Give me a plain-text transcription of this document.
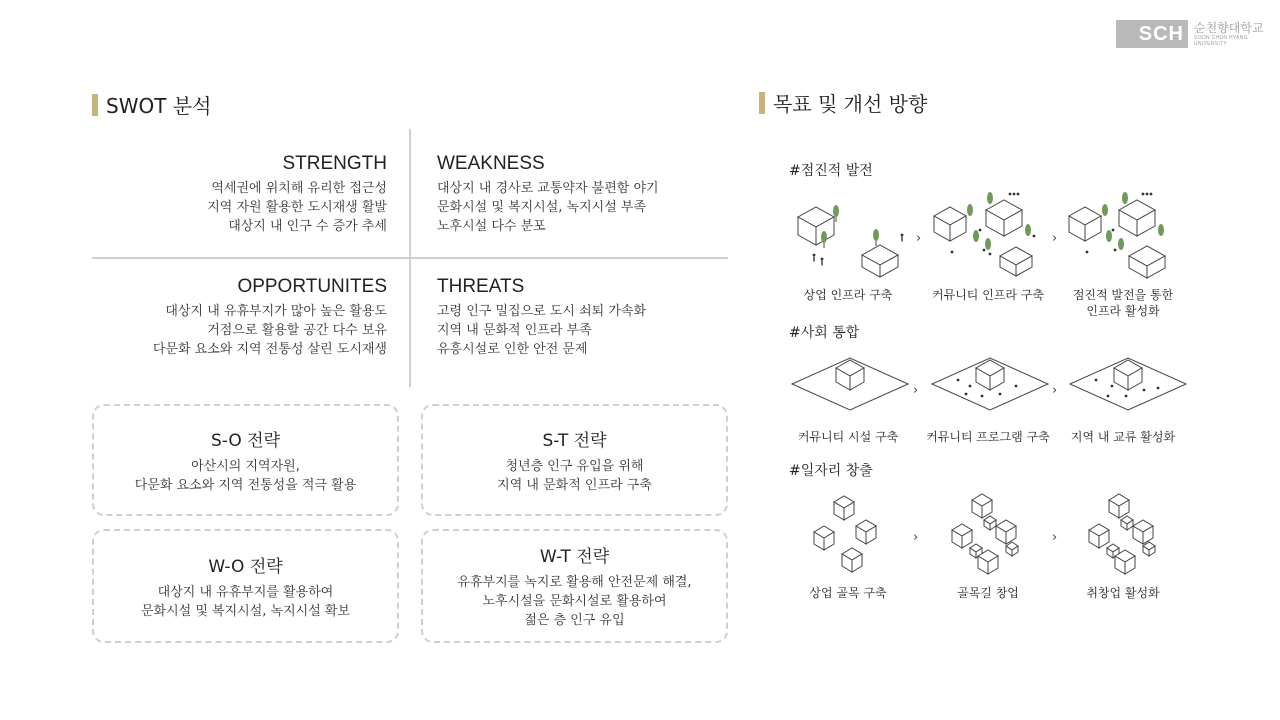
SCH 순천향대학교
SOON CHUN HYANG
UNIVERSITY
SWOT 분석	목표 및 개선 방향
STRENGTH
역세권에 위치해 유리한 접근성
지역 자원 활용한 도시재생 활발
대상지 내 인구 수 증가 추세
WEAKNESS
대상지 내 경사로 교통약자 불편함 야기
문화시설 및 복지시설, 녹지시설 부족
노후시설 다수 분포
OPPORTUNITES
대상지 내 유휴부지가 많아 높은 활용도
거점으로 활용할 공간 다수 보유
다문화 요소와 지역 전통성 살린 도시재생
THREATS
고령 인구 밀집으로 도시 쇠퇴 가속화
지역 내 문화적 인프라 부족
유흥시설로 인한 안전 문제
S-O 전략
아산시의 지역자원,
다문화 요소와 지역 전통성을 적극 활용
S-T 전략
청년층 인구 유입을 위해
지역 내 문화적 인프라 구축
W-O 전략
대상지 내 유휴부지를 활용하여
문화시설 및 복지시설, 녹지시설 확보
W-T 전략
유휴부지를 녹지로 활용해 안전문제 해결,
노후시설을 문화시설로 활용하여
젊은 층 인구 유입
#점진적 발전
#사회 통합
#일자리 창출
›	›
상업 인프라 구축	커뮤니티 인프라 구축	점진적 발전을 통한
인프라 활성화
›	›
커뮤니티 시설 구축	커뮤니티 프로그램 구축	지역 내 교류 활성화
›	›
상업 골목 구축	골목길 창업	취창업 활성화
